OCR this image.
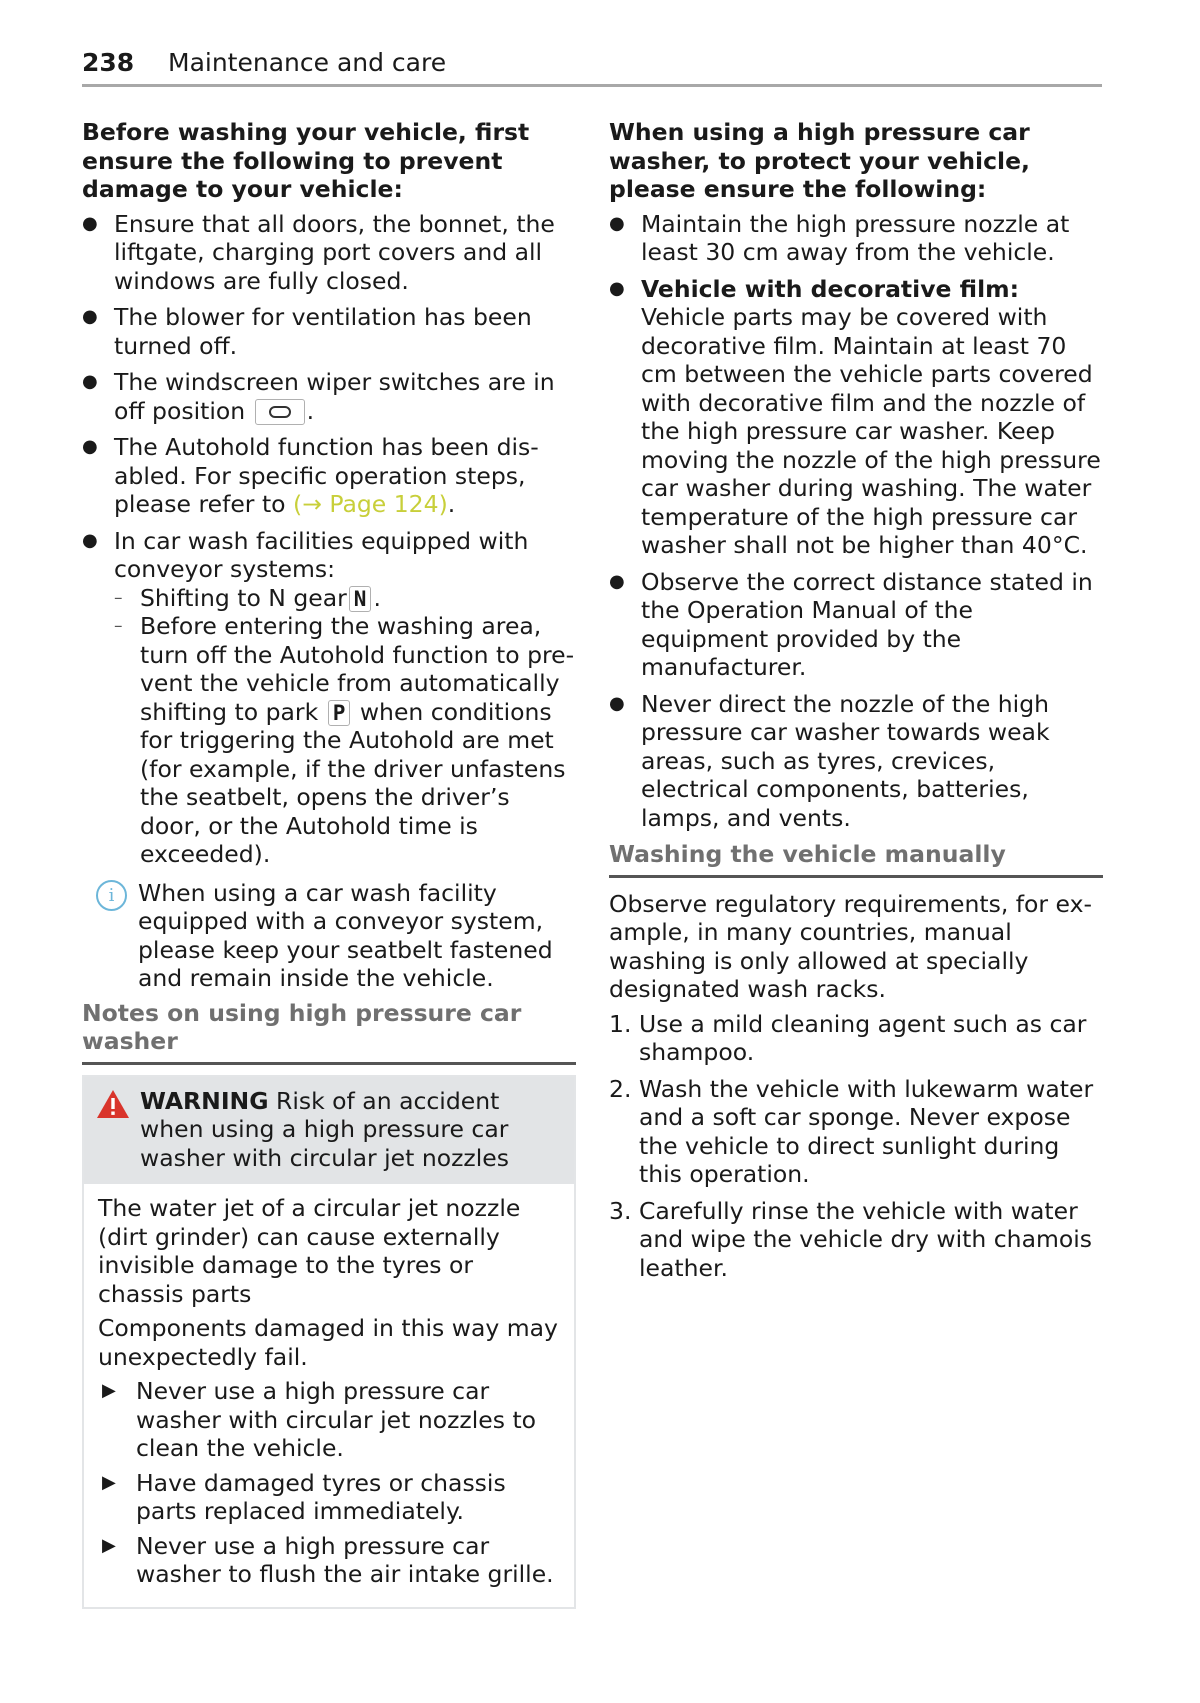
238 Maintenance and care

Before washing your vehicle, first ensure the following to prevent damage to your vehicle:

● Ensure that all doors, the bonnet, the liftgate, charging port covers and all windows are fully closed.
● The blower for ventilation has been turned off.
● The windscreen wiper switches are in off position	.
● The Autohold function has been disabled. For specific operation steps, please refer to (→ Page 124).
● In car wash facilities equipped with conveyor systems:
– Shifting to N gear N .
– Before entering the washing area, turn off the Autohold function to prevent the vehicle from automatically shifting to park P when conditions for triggering the Autohold are met (for example, if the driver unfastens the seatbelt, opens the driver’s door, or the Autohold time is exceeded).
i	When using a car wash facility equipped with a conveyor system, please keep your seatbelt fastened and remain inside the vehicle.
Notes on using high pressure car washer
WARNING Risk of an accident when using a high pressure car washer with circular jet nozzles

The water jet of a circular jet nozzle (dirt grinder) can cause externally invisible damage to the tyres or chassis parts

Components damaged in this way may unexpectedly fail.

▶ Never use a high pressure car washer with circular jet nozzles to clean the vehicle.
▶ Have damaged tyres or chassis parts replaced immediately.
▶ Never use a high pressure car washer to flush the air intake grille.

When using a high pressure car washer, to protect your vehicle, please ensure the following:

● Maintain the high pressure nozzle at least 30 cm away from the vehicle.
● Vehicle with decorative film: Vehicle parts may be covered with decorative film. Maintain at least 70 cm between the vehicle parts covered with decorative film and the nozzle of the high pressure car washer. Keep moving the nozzle of the high pressure car washer during washing. The water temperature of the high pressure car washer shall not be higher than 40°C.
● Observe the correct distance stated in the Operation Manual of the equipment provided by the manufacturer.
● Never direct the nozzle of the high pressure car washer towards weak areas, such as tyres, crevices, electrical components, batteries, lamps, and vents.
Washing the vehicle manually

Observe regulatory requirements, for example, in many countries, manual washing is only allowed at specially designated wash racks.

1. Use a mild cleaning agent such as car shampoo.
2. Wash the vehicle with lukewarm water and a soft car sponge. Never expose the vehicle to direct sunlight during this operation.
3. Carefully rinse the vehicle with water and wipe the vehicle dry with chamois leather.
